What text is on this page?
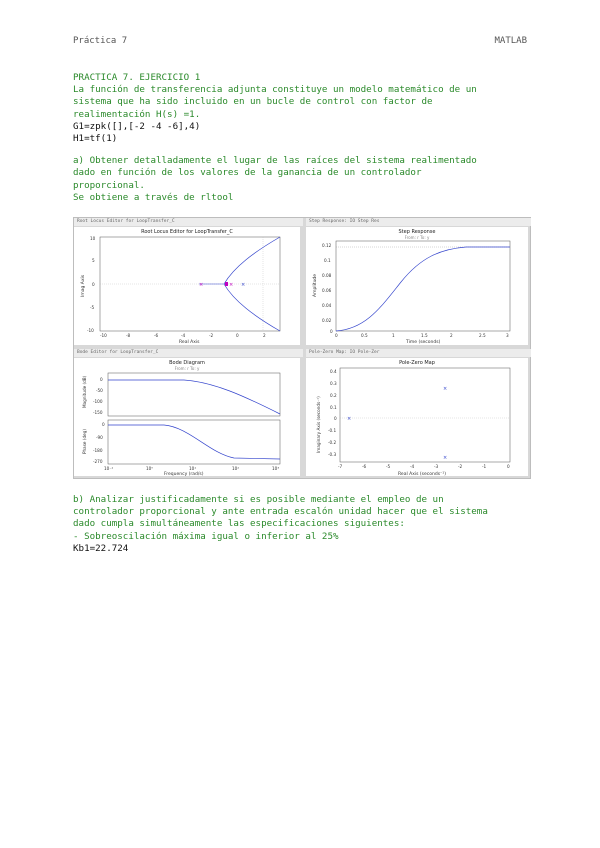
Práctica 7	MATLAB
PRACTICA 7. EJERCICIO 1
La función de transferencia adjunta constituye un modelo matemático de un
sistema que ha sido incluido en un bucle de control con factor de
realimentación H(s) =1.
G1=zpk([],[-2 -4 -6],4)
H1=tf(1)
a) Obtener detalladamente el lugar de las raíces del sistema realimentado
dado en función de los valores de la ganancia de un controlador
proporcional.
Se obtiene a través de rltool
Root Locus Editor for LoopTransfer_C	Step Response: IO Step Res
Root Locus Editor for LoopTransfer_C
×	× ×
Imag Axis
Real Axis
-10	-8	-6	-4	-2	0	2
10
5
0
-5
-10
Step Response
From: r To: y
Amplitude
Time (seconds)
0	0.5	1	1.5	2	2.5	3
0.12
0.1
0.08
0.06
0.04
0.02
0
Bode Editor for LoopTransfer_C	Pole-Zero Map: IO Pole-Zer
Bode Diagram
From: r To: y
Magnitude (dB)
Phase (deg)
Frequency (rad/s)
0
-50
-100
-150
0
-90
-180
-270
10⁻¹	10⁰	10¹	10²	10³
Pole-Zero Map
×
×
×
Imaginary Axis (seconds⁻¹)
Real Axis (seconds⁻¹)
-7	-6	-5	-4	-3	-2	-1	0
0.4
0.3
0.2
0.1
0
-0.1
-0.2
-0.3
b) Analizar justificadamente si es posible mediante el empleo de un
controlador proporcional y ante entrada escalón unidad hacer que el sistema
dado cumpla simultáneamente las especificaciones siguientes:
- Sobreoscilación máxima igual o inferior al 25%
Kb1=22.724
